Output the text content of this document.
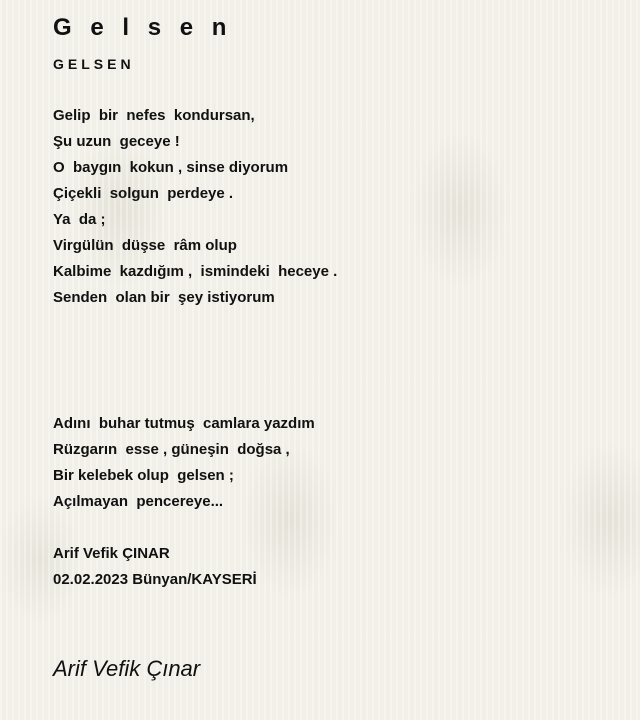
G e l s e n
GELSEN
Gelip  bir  nefes  kondursan,
Şu uzun  geceye !
O  baygın  kokun , sinse diyorum
Çiçekli  solgun  perdeye .
Ya  da ;
Virgülün  düşse  râm olup
Kalbime  kazdığım ,  ismindeki  heceye .
Senden  olan bir  şey istiyorum
Adını  buhar tutmuş  camlara yazdım
Rüzgarın  esse , güneşin  doğsa ,
Bir kelebek olup  gelsen ;
Açılmayan  pencereye...
Arif Vefik ÇINAR
02.02.2023 Bünyan/KAYSERİ

Arif Vefik Çınar
